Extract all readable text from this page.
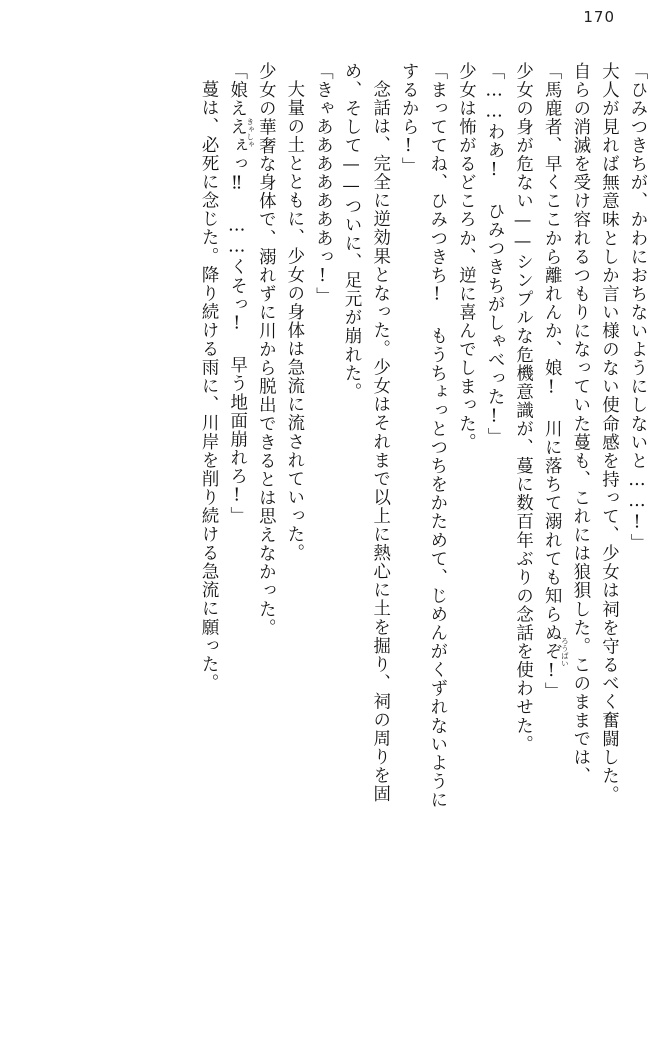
170
「ひみつきちが、かわにおちないようにしないと……!」
大人が見れば無意味としか言い様のない使命感を持って、少女は祠を守るべく奮闘した。
自らの消滅を受け容れるつもりになっていた蔓も、これには狼狽した。こ
ろうばい
のままでは、
「馬鹿者、早くここから離れんか、娘! 川に落ちて溺れても知らぬぞ!」
少女の身が危ない——シンプルな危機意識が、蔓に数百年ぶりの念話を使わせた。
「……わあ! ひみつきちがしゃべった!」
少女は怖がるどころか、逆に喜んでしまった。
「まっててね、ひみつきち! もうちょっとつちをかためて、じめんがくずれないように
するから!」
念話は、完全に逆効果となった。少女はそれまで以上に熱心に土を掘り、祠の周りを固
め、そして——ついに、足元が崩れた。
「きゃあああああああっ!」
大量の土とともに、少女の身体は急流に流されていった。
少女の華奢
きゃしゃ
な身体で、溺れずに川から脱出できるとは思えなかった。
「娘ええぇっ‼ ……くそっ! 早う地面崩れろ!」
蔓は、必死に念じた。降り続ける雨に、川岸を削り続ける急流に願った。
